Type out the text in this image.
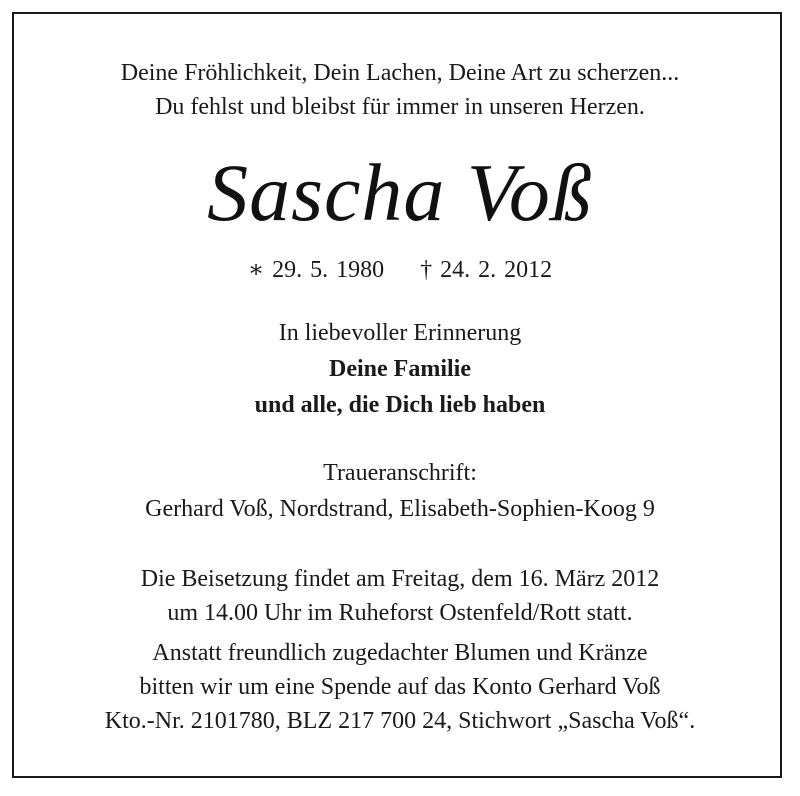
Deine Fröhlichkeit, Dein Lachen, Deine Art zu scherzen...
Du fehlst und bleibst für immer in unseren Herzen.
Sascha Voß
∗ 29. 5. 1980 † 24. 2. 2012
In liebevoller Erinnerung
Deine Familie
und alle, die Dich lieb haben
Traueranschrift:
Gerhard Voß, Nordstrand, Elisabeth-Sophien-Koog 9
Die Beisetzung findet am Freitag, dem 16. März 2012
um 14.00 Uhr im Ruheforst Ostenfeld/Rott statt.
Anstatt freundlich zugedachter Blumen und Kränze
bitten wir um eine Spende auf das Konto Gerhard Voß
Kto.-Nr. 2101780, BLZ 217 700 24, Stichwort „Sascha Voß“.
